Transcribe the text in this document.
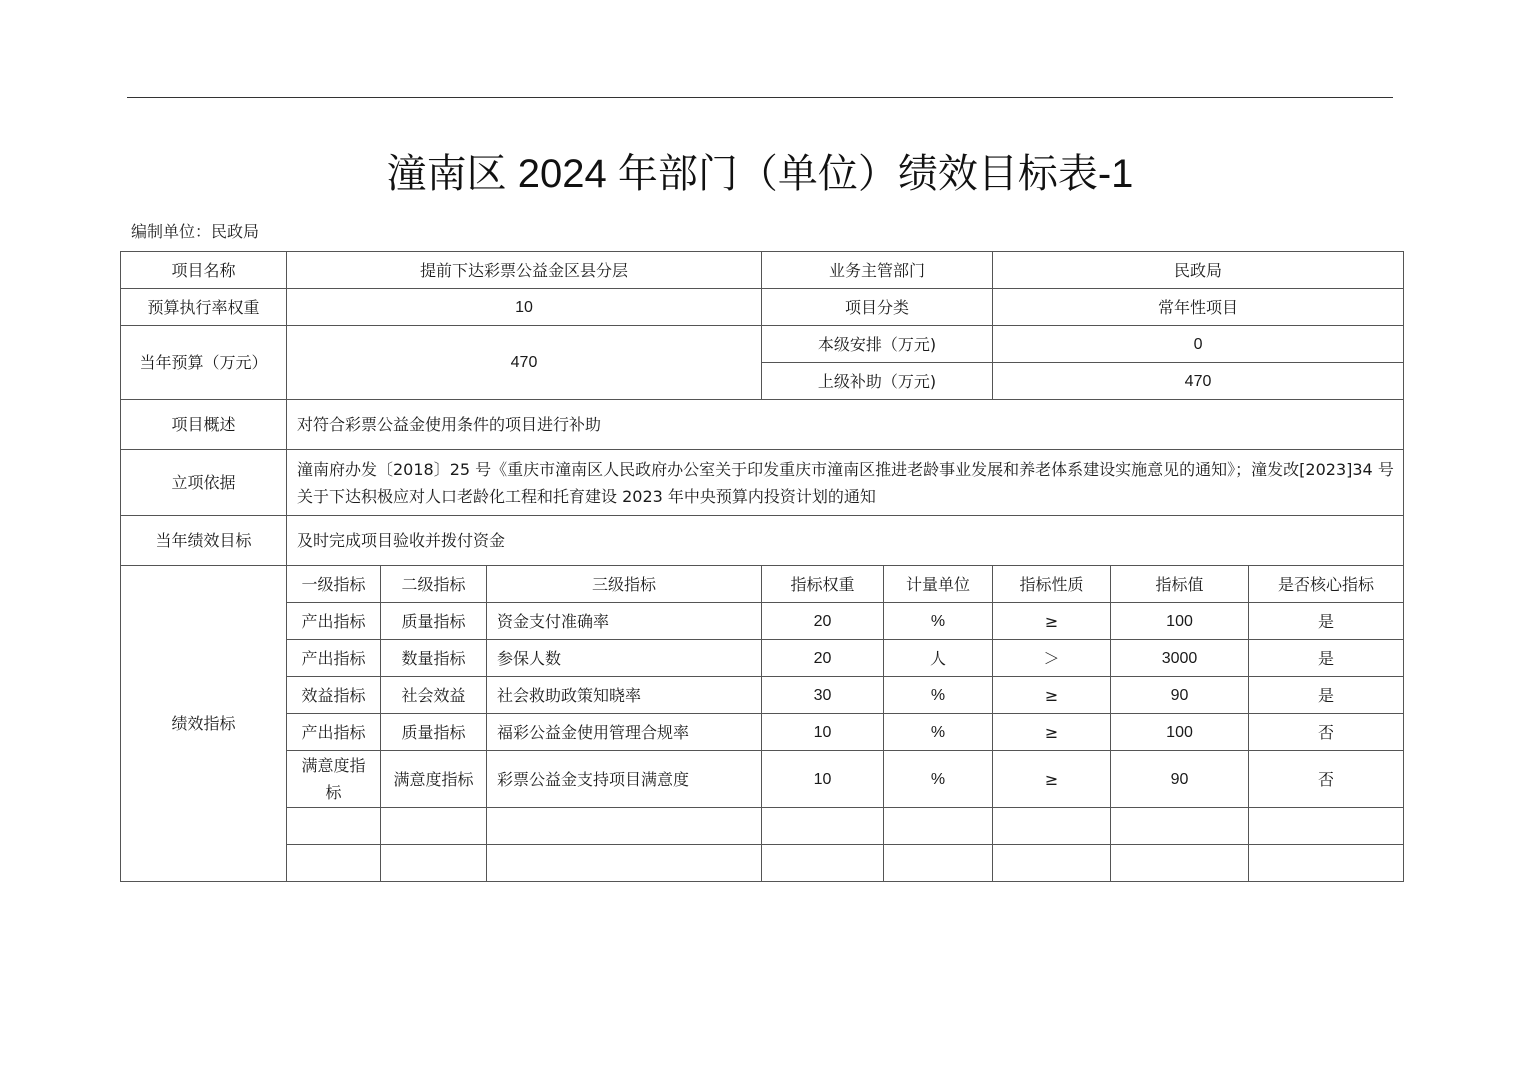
潼南区 2024 年部门（单位）绩效目标表-1
编制单位：民政局
项目名称	提前下达彩票公益金区县分层			业务主管部门		民政局		
预算执行率权重	10			项目分类		常年性项目		
当年预算（万元）	470			本级安排（万元)		0		
				上级补助（万元)		470		
项目概述	对符合彩票公益金使用条件的项目进行补助							
立项依据	潼南府办发〔2018〕25 号《重庆市潼南区人民政府办公室关于印发重庆市潼南区推进老龄事业发展和养老体系建设实施意见的通知》；潼发改[2023]34 号关于下达积极应对人口老龄化工程和托育建设 2023 年中央预算内投资计划的通知							
当年绩效目标	及时完成项目验收并拨付资金							
绩效指标	一级指标	二级指标	三级指标	指标权重	计量单位	指标性质	指标值	是否核心指标
	产出指标	质量指标	资金支付准确率	20	%	≥	100	是
	产出指标	数量指标	参保人数	20	人	＞	3000	是
	效益指标	社会效益	社会救助政策知晓率	30	%	≥	90	是
	产出指标	质量指标	福彩公益金使用管理合规率	10	%	≥	100	否
	满意度指标	满意度指标	彩票公益金支持项目满意度	10	%	≥	90	否
